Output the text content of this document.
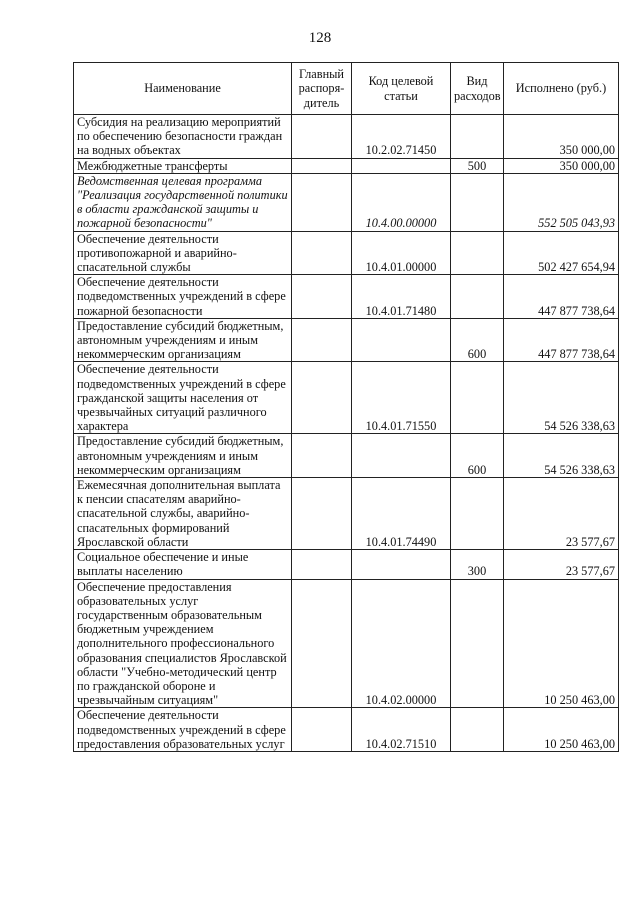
128
Наименование	Главный распоря-дитель	Код целевой статьи	Вид расходов	Исполнено (руб.)
Субсидия на реализацию мероприятий по обеспечению безопасности граждан на водных объектах		10.2.02.71450		350 000,00
Межбюджетные трансферты			500	350 000,00
Ведомственная целевая программа "Реализация государственной политики в области гражданской защиты и пожарной безопасности"		10.4.00.00000		552 505 043,93
Обеспечение деятельности противопожарной и аварийно-спасательной службы		10.4.01.00000		502 427 654,94
Обеспечение деятельности подведомственных учреждений в сфере пожарной безопасности		10.4.01.71480		447 877 738,64
Предоставление субсидий бюджетным, автономным учреждениям и иным некоммерческим организациям			600	447 877 738,64
Обеспечение деятельности подведомственных учреждений в сфере гражданской защиты населения от чрезвычайных ситуаций различного характера		10.4.01.71550		54 526 338,63
Предоставление субсидий бюджетным, автономным учреждениям и иным некоммерческим организациям			600	54 526 338,63
Ежемесячная дополнительная выплата к пенсии спасателям аварийно-спасательной службы, аварийно-спасательных формирований Ярославской области		10.4.01.74490		23 577,67
Социальное обеспечение и иные выплаты населению			300	23 577,67
Обеспечение предоставления образовательных услуг государственным образовательным бюджетным учреждением дополнительного профессионального образования специалистов Ярославской области "Учебно-методический центр по гражданской обороне и чрезвычайным ситуациям"		10.4.02.00000		10 250 463,00
Обеспечение деятельности подведомственных учреждений в сфере предоставления образовательных услуг		10.4.02.71510		10 250 463,00
